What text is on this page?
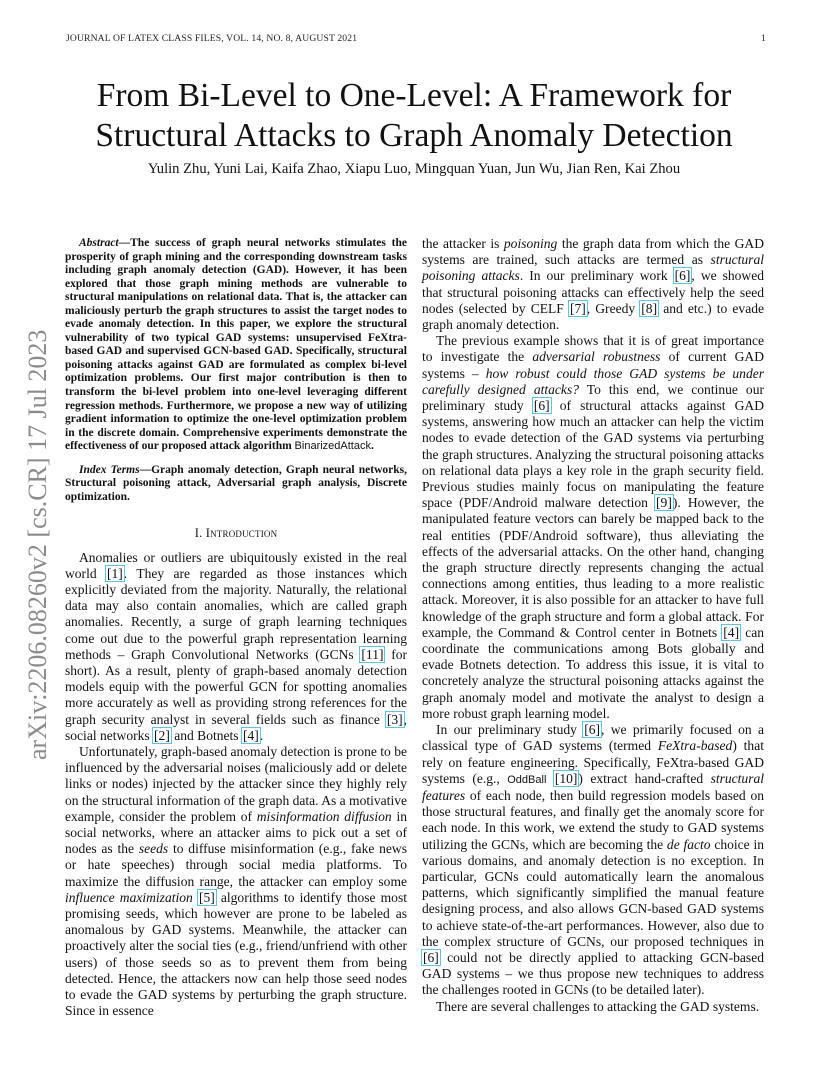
JOURNAL OF LATEX CLASS FILES, VOL. 14, NO. 8, AUGUST 2021	1
From Bi-Level to One-Level: A Framework for
Structural Attacks to Graph Anomaly Detection
Yulin Zhu, Yuni Lai, Kaifa Zhao, Xiapu Luo, Mingquan Yuan, Jun Wu, Jian Ren, Kai Zhou
arXiv:2206.08260v2 [cs.CR] 17 Jul 2023

Abstract—The success of graph neural networks stimulates the prosperity of graph mining and the corresponding downstream tasks including graph anomaly detection (GAD). However, it has been explored that those graph mining methods are vulnerable to structural manipulations on relational data. That is, the attacker can maliciously perturb the graph structures to assist the target nodes to evade anomaly detection. In this paper, we explore the structural vulnerability of two typical GAD systems: unsupervised FeXtra-based GAD and supervised GCN-based GAD. Specifically, structural poisoning attacks against GAD are formulated as complex bi-level optimization problems. Our first major contribution is then to transform the bi-level problem into one-level leveraging different regression methods. Furthermore, we propose a new way of utilizing gradient information to optimize the one-level optimization problem in the discrete domain. Comprehensive experiments demonstrate the effectiveness of our proposed attack algorithm BinarizedAttack.

Index Terms—Graph anomaly detection, Graph neural networks, Structural poisoning attack, Adversarial graph analysis, Discrete optimization.

I. Introduction

Anomalies or outliers are ubiquitously existed in the real world [1]. They are regarded as those instances which explicitly deviated from the majority. Naturally, the relational data may also contain anomalies, which are called graph anomalies. Recently, a surge of graph learning techniques come out due to the powerful graph representation learning methods – Graph Convolutional Networks (GCNs [11] for short). As a result, plenty of graph-based anomaly detection models equip with the powerful GCN for spotting anomalies more accurately as well as providing strong references for the graph security analyst in several fields such as finance [3], social networks [2] and Botnets [4].

Unfortunately, graph-based anomaly detection is prone to be influenced by the adversarial noises (maliciously add or delete links or nodes) injected by the attacker since they highly rely on the structural information of the graph data. As a motivative example, consider the problem of misinformation diffusion in social networks, where an attacker aims to pick out a set of nodes as the seeds to diffuse misinformation (e.g., fake news or hate speeches) through social media platforms. To maximize the diffusion range, the attacker can employ some influence maximization [5] algorithms to identify those most promising seeds, which however are prone to be labeled as anomalous by GAD systems. Meanwhile, the attacker can proactively alter the social ties (e.g., friend/unfriend with other users) of those seeds so as to prevent them from being detected. Hence, the attackers now can help those seed nodes to evade the GAD systems by perturbing the graph structure. Since in essence

the attacker is poisoning the graph data from which the GAD systems are trained, such attacks are termed as structural poisoning attacks. In our preliminary work [6], we showed that structural poisoning attacks can effectively help the seed nodes (selected by CELF [7], Greedy [8] and etc.) to evade graph anomaly detection.

The previous example shows that it is of great importance to investigate the adversarial robustness of current GAD systems – how robust could those GAD systems be under carefully designed attacks? To this end, we continue our preliminary study [6] of structural attacks against GAD systems, answering how much an attacker can help the victim nodes to evade detection of the GAD systems via perturbing the graph structures. Analyzing the structural poisoning attacks on relational data plays a key role in the graph security field. Previous studies mainly focus on manipulating the feature space (PDF/Android malware detection [9]). However, the manipulated feature vectors can barely be mapped back to the real entities (PDF/Android software), thus alleviating the effects of the adversarial attacks. On the other hand, changing the graph structure directly represents changing the actual connections among entities, thus leading to a more realistic attack. Moreover, it is also possible for an attacker to have full knowledge of the graph structure and form a global attack. For example, the Command & Control center in Botnets [4] can coordinate the communications among Bots globally and evade Botnets detection. To address this issue, it is vital to concretely analyze the structural poisoning attacks against the graph anomaly model and motivate the analyst to design a more robust graph learning model.

In our preliminary study [6], we primarily focused on a classical type of GAD systems (termed FeXtra-based) that rely on feature engineering. Specifically, FeXtra-based GAD systems (e.g., OddBall [10]) extract hand-crafted structural features of each node, then build regression models based on those structural features, and finally get the anomaly score for each node. In this work, we extend the study to GAD systems utilizing the GCNs, which are becoming the de facto choice in various domains, and anomaly detection is no exception. In particular, GCNs could automatically learn the anomalous patterns, which significantly simplified the manual feature designing process, and also allows GCN-based GAD systems to achieve state-of-the-art performances. However, also due to the complex structure of GCNs, our proposed techniques in [6] could not be directly applied to attacking GCN-based GAD systems – we thus propose new techniques to address the challenges rooted in GCNs (to be detailed later).

There are several challenges to attacking the GAD systems.
